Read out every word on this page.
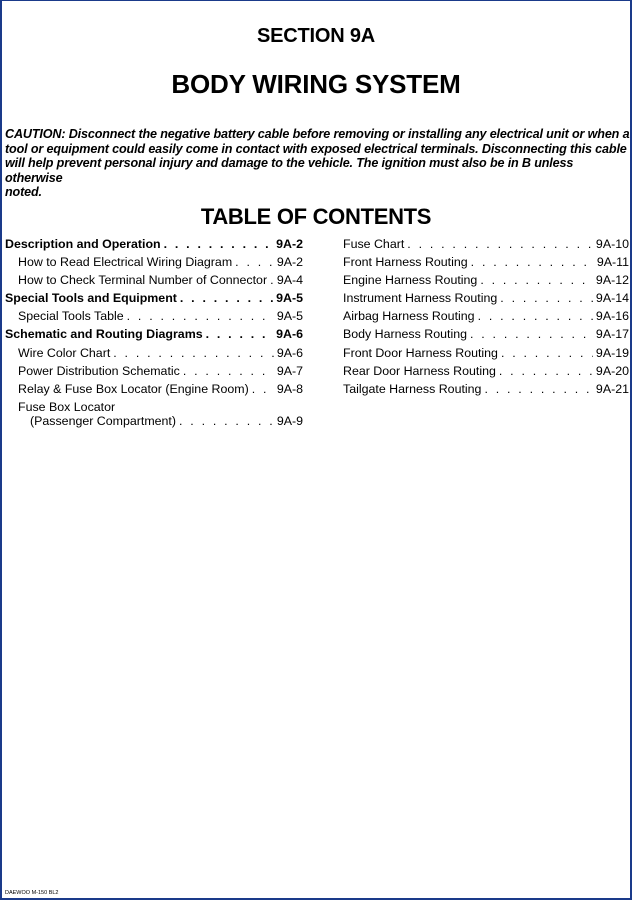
SECTION 9A
BODY WIRING SYSTEM
CAUTION: Disconnect the negative battery cable before removing or installing any electrical unit or when a
tool or equipment could easily come in contact with exposed electrical terminals. Disconnecting this cable
will help prevent personal injury and damage to the vehicle. The ignition must also be in B unless otherwise
noted.
TABLE OF CONTENTS
Description and Operation . . .	9A-2
How to Read Electrical Wiring Diagram . . .	9A-2
How to Check Terminal Number of Connector . . . 9A-4
Special Tools and Equipment . . .	9A-5
Special Tools Table . . .	9A-5
Schematic and Routing Diagrams . . .	9A-6
Wire Color Chart . . .	9A-6
Power Distribution Schematic . . .	9A-7
Relay & Fuse Box Locator (Engine Room) . . . 9A-8
Fuse Box Locator
(Passenger Compartment) . . .	9A-9
Fuse Chart . . .	9A-10
Front Harness Routing . . .	9A-11
Engine Harness Routing . . .	9A-12
Instrument Harness Routing . . .	9A-14
Airbag Harness Routing . . .	9A-16
Body Harness Routing . . .	9A-17
Front Door Harness Routing . . .	9A-19
Rear Door Harness Routing . . .	9A-20
Tailgate Harness Routing . . .	9A-21
DAEWOO M-150 BL2
